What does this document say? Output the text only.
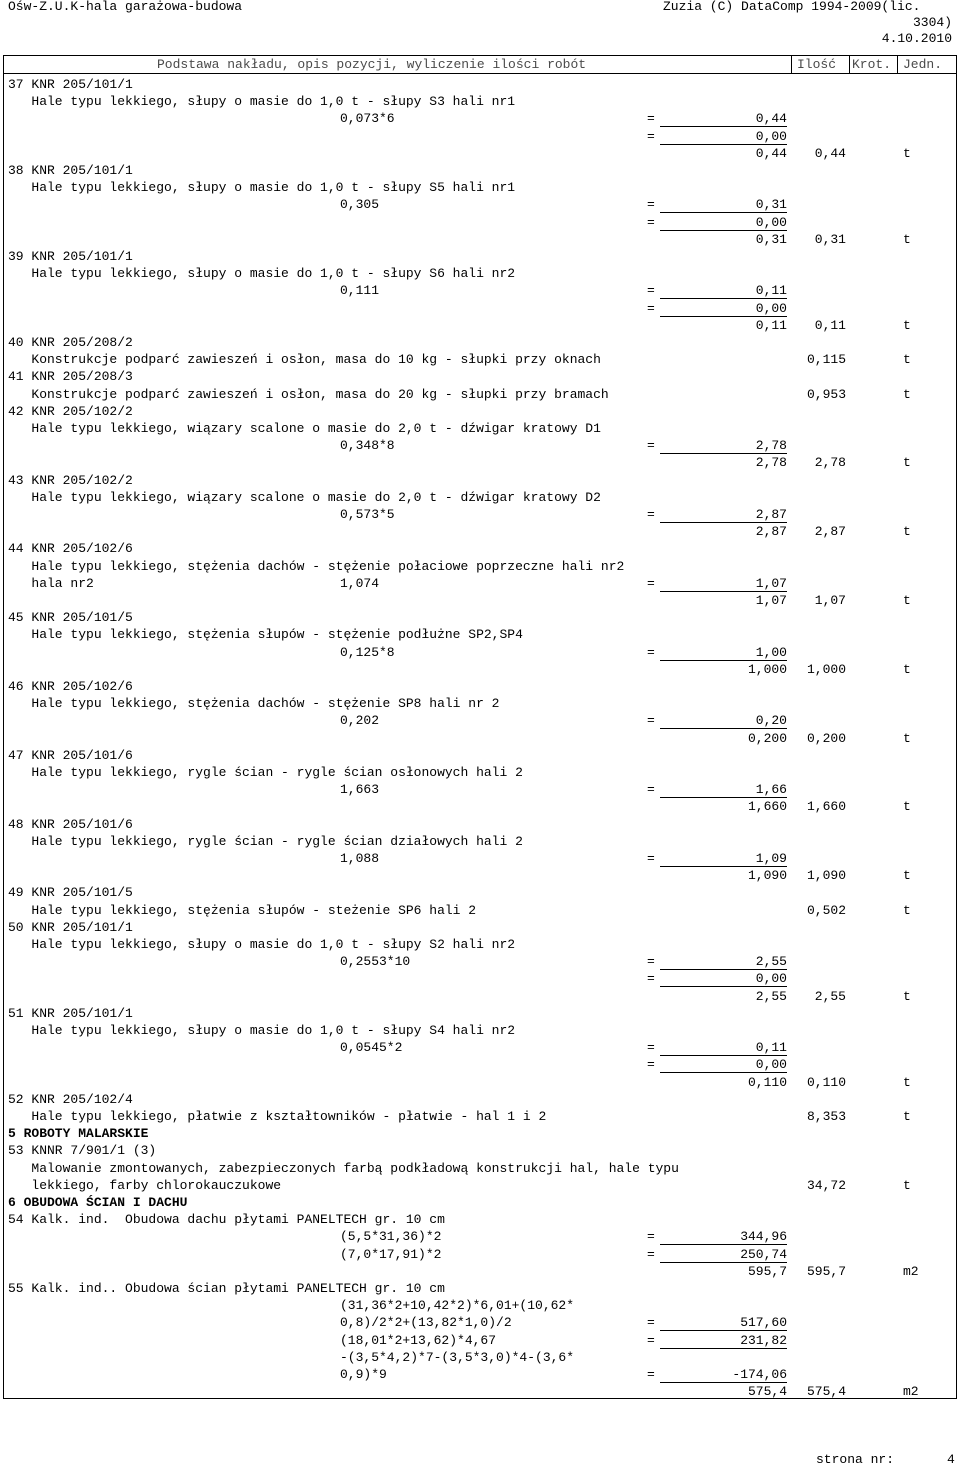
Ośw-Z.U.K-hala garażowa-budowa	Zuzia (C) DataComp 1994-2009(lic.
3304)
4.10.2010
Podstawa nakładu, opis pozycji, wyliczenie ilości robót	Ilość Krot. Jedn.
37 KNR 205/101/1
Hale typu lekkiego, słupy o masie do 1,0 t - słupy S3 hali nr1
0,073*6	=	0,44
=	0,00
0,44	0,44	t
38 KNR 205/101/1
Hale typu lekkiego, słupy o masie do 1,0 t - słupy S5 hali nr1
0,305	=	0,31
=	0,00
0,31	0,31	t
39 KNR 205/101/1
Hale typu lekkiego, słupy o masie do 1,0 t - słupy S6 hali nr2
0,111	=	0,11
=	0,00
0,11	0,11	t
40 KNR 205/208/2
Konstrukcje podparć zawieszeń i osłon, masa do 10 kg - słupki przy oknach	0,115	t
41 KNR 205/208/3
Konstrukcje podparć zawieszeń i osłon, masa do 20 kg - słupki przy bramach	0,953	t
42 KNR 205/102/2
Hale typu lekkiego, wiązary scalone o masie do 2,0 t - dźwigar kratowy D1
0,348*8	=	2,78
2,78	2,78	t
43 KNR 205/102/2
Hale typu lekkiego, wiązary scalone o masie do 2,0 t - dźwigar kratowy D2
0,573*5	=	2,87
2,87	2,87	t
44 KNR 205/102/6
Hale typu lekkiego, stężenia dachów - stężenie połaciowe poprzeczne hali nr2
hala nr2	1,074	=	1,07
1,07	1,07	t
45 KNR 205/101/5
Hale typu lekkiego, stężenia słupów - stężenie podłużne SP2,SP4
0,125*8	=	1,00
1,000	1,000	t
46 KNR 205/102/6
Hale typu lekkiego, stężenia dachów - stężenie SP8 hali nr 2
0,202	=	0,20
0,200	0,200	t
47 KNR 205/101/6
Hale typu lekkiego, rygle ścian - rygle ścian osłonowych hali 2
1,663	=	1,66
1,660	1,660	t
48 KNR 205/101/6
Hale typu lekkiego, rygle ścian - rygle ścian działowych hali 2
1,088	=	1,09
1,090	1,090	t
49 KNR 205/101/5
Hale typu lekkiego, stężenia słupów - steżenie SP6 hali 2	0,502	t
50 KNR 205/101/1
Hale typu lekkiego, słupy o masie do 1,0 t - słupy S2 hali nr2
0,2553*10	=	2,55
=	0,00
2,55	2,55	t
51 KNR 205/101/1
Hale typu lekkiego, słupy o masie do 1,0 t - słupy S4 hali nr2
0,0545*2	=	0,11
=	0,00
0,110	0,110	t
52 KNR 205/102/4
Hale typu lekkiego, płatwie z kształtowników - płatwie - hal 1 i 2	8,353	t
5 ROBOTY MALARSKIE
53 KNNR 7/901/1 (3)
Malowanie zmontowanych, zabezpieczonych farbą podkładową konstrukcji hal, hale typu
lekkiego, farby chlorokauczukowe	34,72	t
6 OBUDOWA ŚCIAN I DACHU
54 Kalk. ind.  Obudowa dachu płytami PANELTECH gr. 10 cm
(5,5*31,36)*2	=	344,96
(7,0*17,91)*2	=	250,74
595,7	595,7	m2
55 Kalk. ind.. Obudowa ścian płytami PANELTECH gr. 10 cm
(31,36*2+10,42*2)*6,01+(10,62*
0,8)/2*2+(13,82*1,0)/2	=	517,60
(18,01*2+13,62)*4,67	=	231,82
-(3,5*4,2)*7-(3,5*3,0)*4-(3,6*
0,9)*9	=	-174,06
575,4	575,4	m2
strona nr:	4
